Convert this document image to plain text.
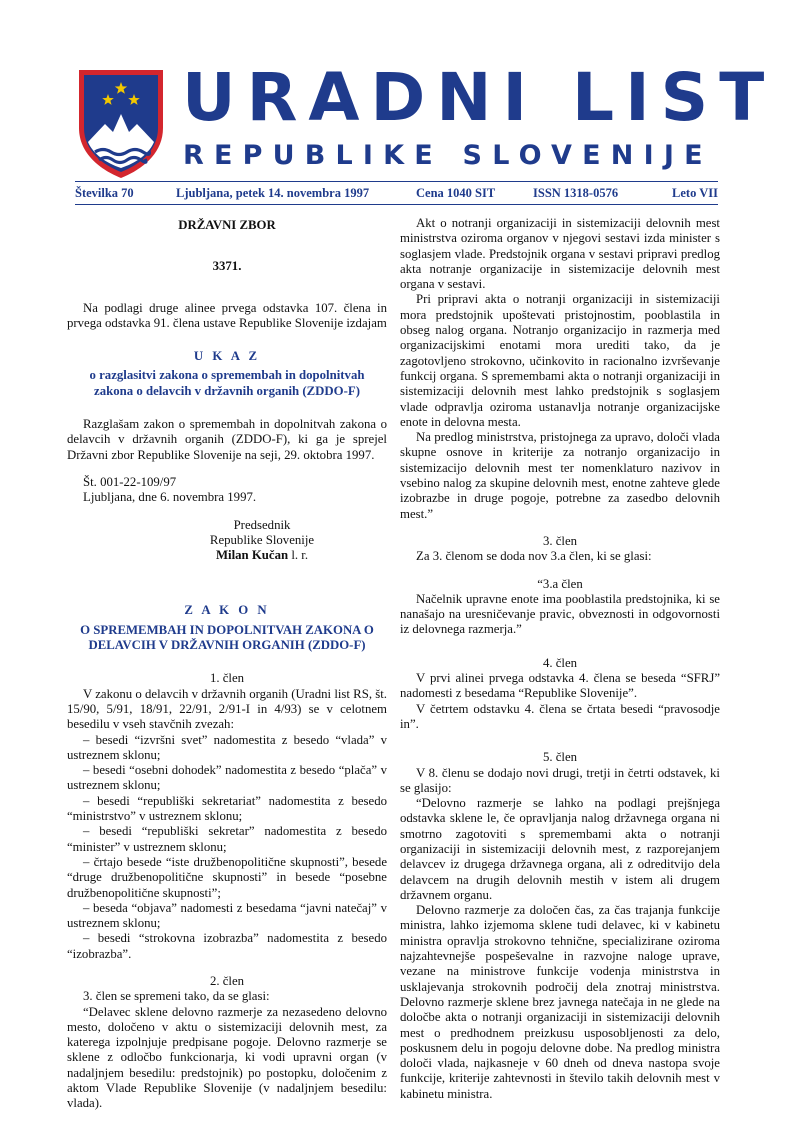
URADNI LIST
REPUBLIKE SLOVENIJE
Številka 70	Ljubljana, petek 14. novembra 1997	Cena 1040 SIT	ISSN 1318-0576	Leto VII

DRŽAVNI ZBOR

3371.

Na podlagi druge alinee prvega odstavka 107. člena in prvega odstavka 91. člena ustave Republike Slovenije izdajam

U K A Z

o razglasitvi zakona o spremembah in dopolnitvah

zakona o delavcih v državnih organih (ZDDO-F)

Razglašam zakon o spremembah in dopolnitvah zakona o delavcih v državnih organih (ZDDO-F), ki ga je sprejel Državni zbor Republike Slovenije na seji, 29. oktobra 1997.

Št. 001-22-109/97

Ljubljana, dne 6. novembra 1997.

Predsednik

Republike Slovenije

Milan Kučan l. r.

Z A K O N

O SPREMEMBAH IN DOPOLNITVAH ZAKONA O

DELAVCIH V DRŽAVNIH ORGANIH (ZDDO-F)

1. člen

V zakonu o delavcih v državnih organih (Uradni list RS, št. 15/90, 5/91, 18/91, 22/91, 2/91-I in 4/93) se v celotnem besedilu v vseh stavčnih zvezah:

– besedi “izvršni svet” nadomestita z besedo “vlada” v ustreznem sklonu;

– besedi “osebni dohodek” nadomestita z besedo “plača” v ustreznem sklonu;

– besedi “republiški sekretariat” nadomestita z besedo “ministrstvo” v ustreznem sklonu;

– besedi “republiški sekretar” nadomestita z besedo “minister” v ustreznem sklonu;

– črtajo besede “iste družbenopolitične skupnosti”, besede “druge družbenopolitične skupnosti” in besede “posebne družbenopolitične skupnosti”;

– beseda “objava” nadomesti z besedama “javni natečaj” v ustreznem sklonu;

– besedi “strokovna izobrazba” nadomestita z besedo “izobrazba”.

2. člen

3. člen se spremeni tako, da se glasi:

“Delavec sklene delovno razmerje za nezasedeno delovno mesto, določeno v aktu o sistemizaciji delovnih mest, za katerega izpolnjuje predpisane pogoje. Delovno razmerje se sklene z odločbo funkcionarja, ki vodi upravni organ (v nadaljnjem besedilu: predstojnik) po postopku, določenim z aktom Vlade Republike Slovenije (v nadaljnjem besedilu: vlada).

Akt o notranji organizaciji in sistemizaciji delovnih mest ministrstva oziroma organov v njegovi sestavi izda minister s soglasjem vlade. Predstojnik organa v sestavi pripravi predlog akta notranje organizacije in sistemizacije delovnih mest organa v sestavi.

Pri pripravi akta o notranji organizaciji in sistemizaciji mora predstojnik upoštevati pristojnostim, pooblastila in obseg nalog organa. Notranjo organizacijo in razmerja med organizacijskimi enotami mora urediti tako, da je zagotovljeno strokovno, učinkovito in racionalno izvrševanje funkcij organa. S spremembami akta o notranji organizaciji in sistemizaciji delovnih mest lahko predstojnik s soglasjem vlade odpravlja oziroma ustanavlja notranje organizacijske enote in delovna mesta.

Na predlog ministrstva, pristojnega za upravo, določi vlada skupne osnove in kriterije za notranjo organizacijo in sistemizacijo delovnih mest ter nomenklaturo nazivov in vsebino nalog za skupine delovnih mest, enotne zahteve glede izobrazbe in druge pogoje, potrebne za zasedbo delovnih mest.”

3. člen

Za 3. členom se doda nov 3.a člen, ki se glasi:

“3.a člen

Načelnik upravne enote ima pooblastila predstojnika, ki se nanašajo na uresničevanje pravic, obveznosti in odgovornosti iz delovnega razmerja.”

4. člen

V prvi alinei prvega odstavka 4. člena se beseda “SFRJ” nadomesti z besedama “Republike Slovenije”.

V četrtem odstavku 4. člena se črtata besedi “pravosodje in”.

5. člen

V 8. členu se dodajo novi drugi, tretji in četrti odstavek, ki se glasijo:

“Delovno razmerje se lahko na podlagi prejšnjega odstavka sklene le, če opravljanja nalog državnega organa ni smotrno zagotoviti s spremembami akta o notranji organizaciji in sistemizaciji delovnih mest, z razporejanjem delavcev iz drugega državnega organa, ali z odreditvijo dela delavcem na drugih delovnih mestih v istem ali drugem državnem organu.

Delovno razmerje za določen čas, za čas trajanja funkcije ministra, lahko izjemoma sklene tudi delavec, ki v kabinetu ministra opravlja strokovno tehnične, specializirane oziroma najzahtevnejše pospeševalne in razvojne naloge uprave, vezane na ministrove funkcije vodenja ministrstva in usklajevanja strokovnih področij dela znotraj ministrstva. Delovno razmerje sklene brez javnega natečaja in ne glede na določbe akta o notranji organizaciji in sistemizaciji delovnih mest o predhodnem preizkusu usposobljenosti za delo, poskusnem delu in pogoju delovne dobe. Na predlog ministra določi vlada, najkasneje v 60 dneh od dneva nastopa svoje funkcije, kriterije zahtevnosti in število takih delovnih mest v kabinetu ministra.
